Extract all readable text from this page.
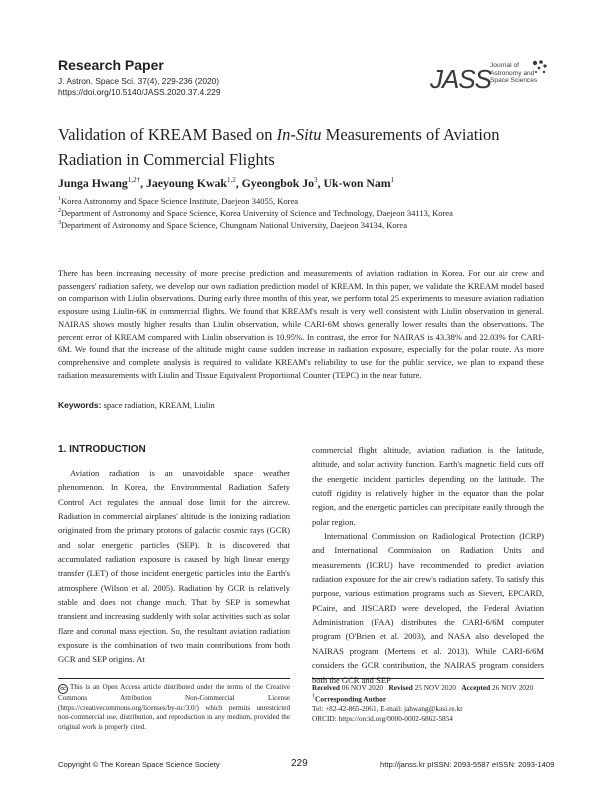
Research Paper
J. Astron. Space Sci. 37(4), 229-236 (2020)
https://doi.org/10.5140/JASS.2020.37.4.229	JASS
Journal of
Astronomy and
Space Sciences
Validation of KREAM Based on In-Situ Measurements of Aviation Radiation in Commercial Flights
Junga Hwang$^{1,2\dagger}$, Jaeyoung Kwak$^{1,2}$, Gyeongbok Jo$^3$, Uk-won Nam$^1$
$^1$Korea Astronomy and Space Science Institute, Daejeon 34055, Korea
$^2$Department of Astronomy and Space Science, Korea University of Science and Technology, Daejeon 34113, Korea
$^3$Department of Astronomy and Space Science, Chungnam National University, Daejeon 34134, Korea
There has been increasing necessity of more precise prediction and measurements of aviation radiation in Korea. For our air crew and passengers' radiation safety, we develop our own radiation prediction model of KREAM. In this paper, we validate the KREAM model based on comparison with Liulin observations. During early three months of this year, we perform total 25 experiments to measure aviation radiation exposure using Liulin-6K in commercial flights. We found that KREAM's result is very well consistent with Liulin observation in general. NAIRAS shows mostly higher results than Liulin observation, while CARI-6M shows generally lower results than the observations. The percent error of KREAM compared with Liulin observation is 10.95%. In contrast, the error for NAIRAS is 43.38% and 22.03% for CARI-6M. We found that the increase of the altitude might cause sudden increase in radiation exposure, especially for the polar route. As more comprehensive and complete analysis is required to validate KREAM's reliability to use for the public service, we plan to expand these radiation measurements with Liulin and Tissue Equivalent Proportional Counter (TEPC) in the near future.
Keywords: space radiation, KREAM, Liulin
1. INTRODUCTION
Aviation radiation is an unavoidable space weather phenomenon. In Korea, the Environmental Radiation Safety Control Act regulates the annual dose limit for the aircrew. Radiation in commercial airplanes' altitude is the ionizing radiation originated from the primary protons of galactic cosmic rays (GCR) and solar energetic particles (SEP). It is discovered that accumulated radiation exposure is caused by high linear energy transfer (LET) of those incident energetic particles into the Earth's atmosphere (Wilson et al. 2005). Radiation by GCR is relatively stable and does not change much. That by SEP is somewhat transient and increasing suddenly with solar activities such as solar flare and coronal mass ejection. So, the resultant aviation radiation exposure is the combination of two main contributions from both GCR and SEP origins. At

commercial flight altitude, aviation radiation is the latitude, altitude, and solar activity function. Earth's magnetic field cuts off the energetic incident particles depending on the latitude. The cutoff rigidity is relatively higher in the equator than the polar region, and the energetic particles can precipitate easily through the polar region.

International Commission on Radiological Protection (ICRP) and International Commission on Radiation Units and measurements (ICRU) have recommended to predict aviation radiation exposure for the air crew's radiation safety. To satisfy this purpose, various estimation programs such as Sievert, EPCARD, PCaire, and JISCARD were developed, the Federal Aviation Administration (FAA) distributes the CARI-6/6M computer program (O'Brien et al. 2003), and NASA also developed the NAIRAS program (Mertens et al. 2013). While CARI-6/6M considers the GCR contribution, the NAIRAS program considers both the GCR and SEP

cc This is an Open Access article distributed under the terms of the Creative Commons Attribution Non-Commercial License (https://creativecommons.org/licenses/by-nc/3.0/) which permits unrestricted non-commercial use, distribution, and reproduction in any medium, provided the original work is properly cited.
Received 06 NOV 2020 Revised 25 NOV 2020 Accepted 26 NOV 2020
†Corresponding Author
Tel: +82-42-865-2061, E-mail: jahwang@kasi.re.kr
ORCID: https://orcid.org/0000-0002-6862-5854
Copyright © The Korean Space Science Society	229	http://janss.kr pISSN: 2093-5587 eISSN: 2093-1409
